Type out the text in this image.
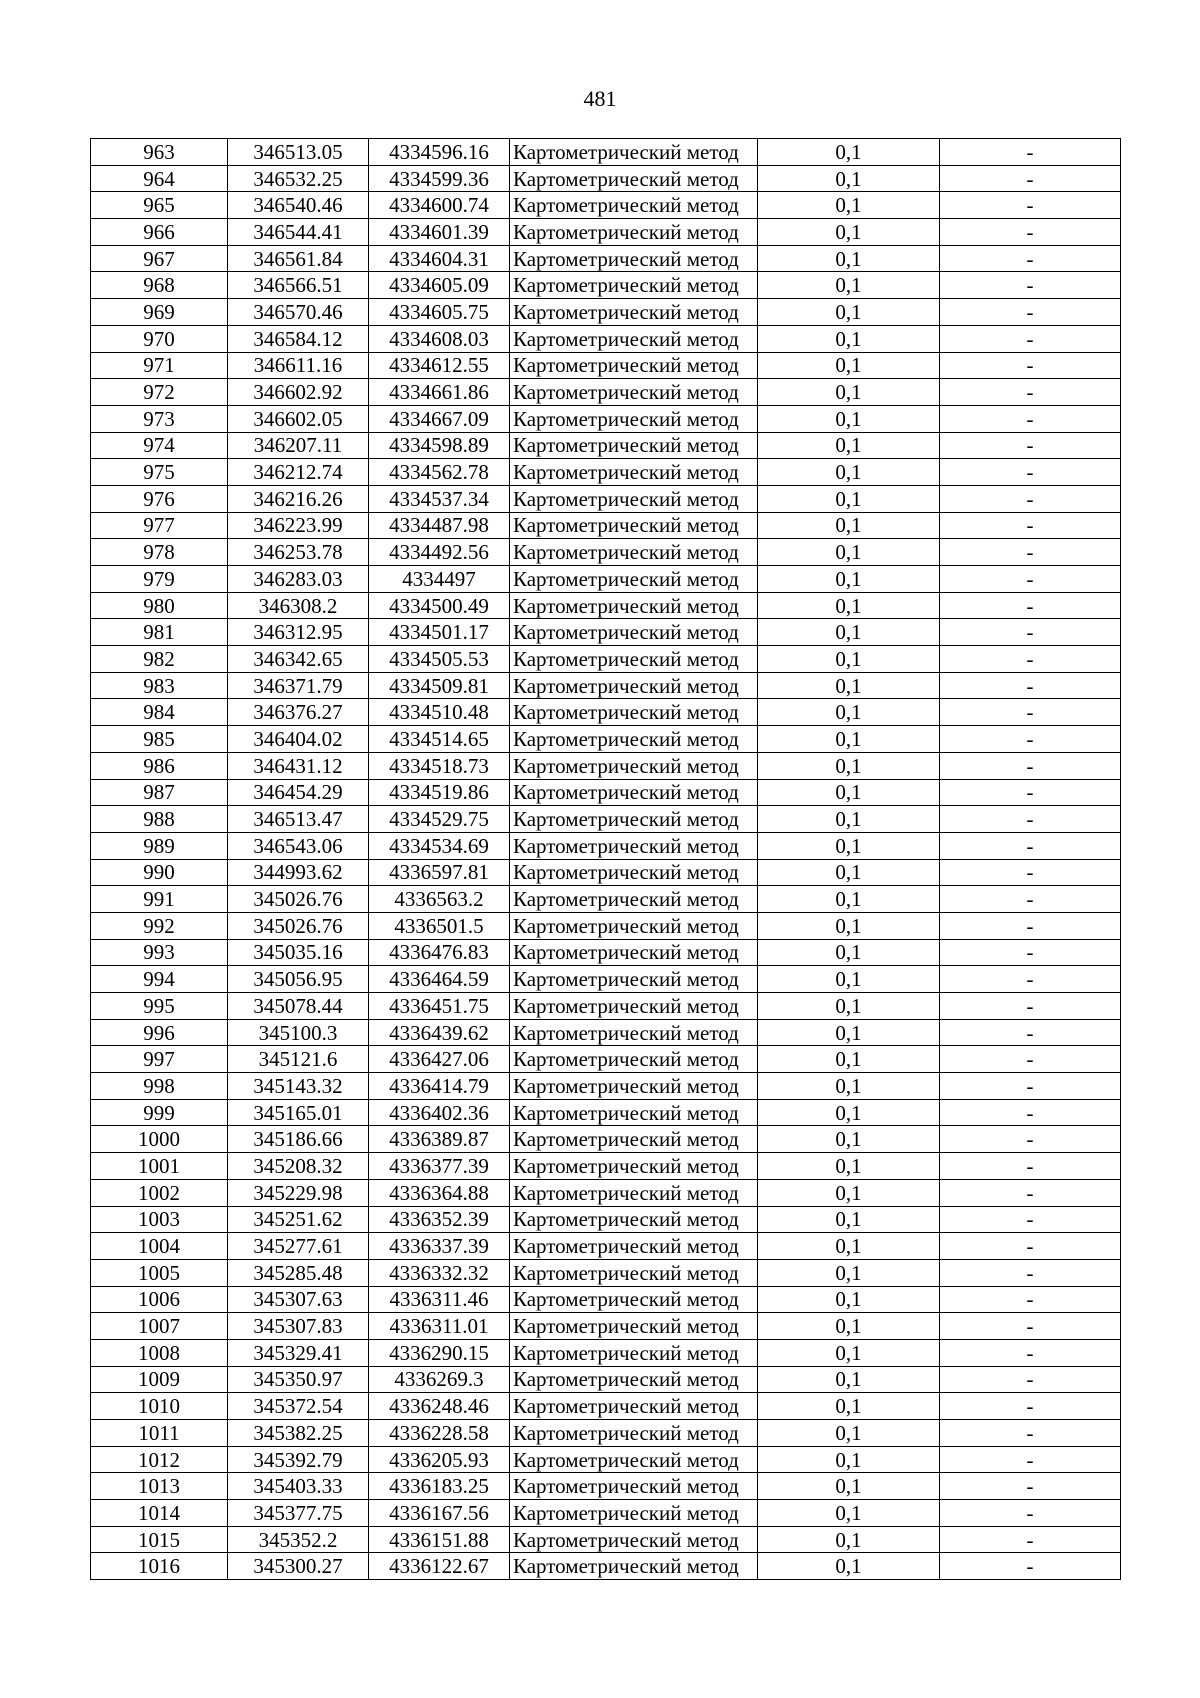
481
963	346513.05	4334596.16	Картометрический метод	0,1	-
964	346532.25	4334599.36	Картометрический метод	0,1	-
965	346540.46	4334600.74	Картометрический метод	0,1	-
966	346544.41	4334601.39	Картометрический метод	0,1	-
967	346561.84	4334604.31	Картометрический метод	0,1	-
968	346566.51	4334605.09	Картометрический метод	0,1	-
969	346570.46	4334605.75	Картометрический метод	0,1	-
970	346584.12	4334608.03	Картометрический метод	0,1	-
971	346611.16	4334612.55	Картометрический метод	0,1	-
972	346602.92	4334661.86	Картометрический метод	0,1	-
973	346602.05	4334667.09	Картометрический метод	0,1	-
974	346207.11	4334598.89	Картометрический метод	0,1	-
975	346212.74	4334562.78	Картометрический метод	0,1	-
976	346216.26	4334537.34	Картометрический метод	0,1	-
977	346223.99	4334487.98	Картометрический метод	0,1	-
978	346253.78	4334492.56	Картометрический метод	0,1	-
979	346283.03	4334497	Картометрический метод	0,1	-
980	346308.2	4334500.49	Картометрический метод	0,1	-
981	346312.95	4334501.17	Картометрический метод	0,1	-
982	346342.65	4334505.53	Картометрический метод	0,1	-
983	346371.79	4334509.81	Картометрический метод	0,1	-
984	346376.27	4334510.48	Картометрический метод	0,1	-
985	346404.02	4334514.65	Картометрический метод	0,1	-
986	346431.12	4334518.73	Картометрический метод	0,1	-
987	346454.29	4334519.86	Картометрический метод	0,1	-
988	346513.47	4334529.75	Картометрический метод	0,1	-
989	346543.06	4334534.69	Картометрический метод	0,1	-
990	344993.62	4336597.81	Картометрический метод	0,1	-
991	345026.76	4336563.2	Картометрический метод	0,1	-
992	345026.76	4336501.5	Картометрический метод	0,1	-
993	345035.16	4336476.83	Картометрический метод	0,1	-
994	345056.95	4336464.59	Картометрический метод	0,1	-
995	345078.44	4336451.75	Картометрический метод	0,1	-
996	345100.3	4336439.62	Картометрический метод	0,1	-
997	345121.6	4336427.06	Картометрический метод	0,1	-
998	345143.32	4336414.79	Картометрический метод	0,1	-
999	345165.01	4336402.36	Картометрический метод	0,1	-
1000	345186.66	4336389.87	Картометрический метод	0,1	-
1001	345208.32	4336377.39	Картометрический метод	0,1	-
1002	345229.98	4336364.88	Картометрический метод	0,1	-
1003	345251.62	4336352.39	Картометрический метод	0,1	-
1004	345277.61	4336337.39	Картометрический метод	0,1	-
1005	345285.48	4336332.32	Картометрический метод	0,1	-
1006	345307.63	4336311.46	Картометрический метод	0,1	-
1007	345307.83	4336311.01	Картометрический метод	0,1	-
1008	345329.41	4336290.15	Картометрический метод	0,1	-
1009	345350.97	4336269.3	Картометрический метод	0,1	-
1010	345372.54	4336248.46	Картометрический метод	0,1	-
1011	345382.25	4336228.58	Картометрический метод	0,1	-
1012	345392.79	4336205.93	Картометрический метод	0,1	-
1013	345403.33	4336183.25	Картометрический метод	0,1	-
1014	345377.75	4336167.56	Картометрический метод	0,1	-
1015	345352.2	4336151.88	Картометрический метод	0,1	-
1016	345300.27	4336122.67	Картометрический метод	0,1	-
